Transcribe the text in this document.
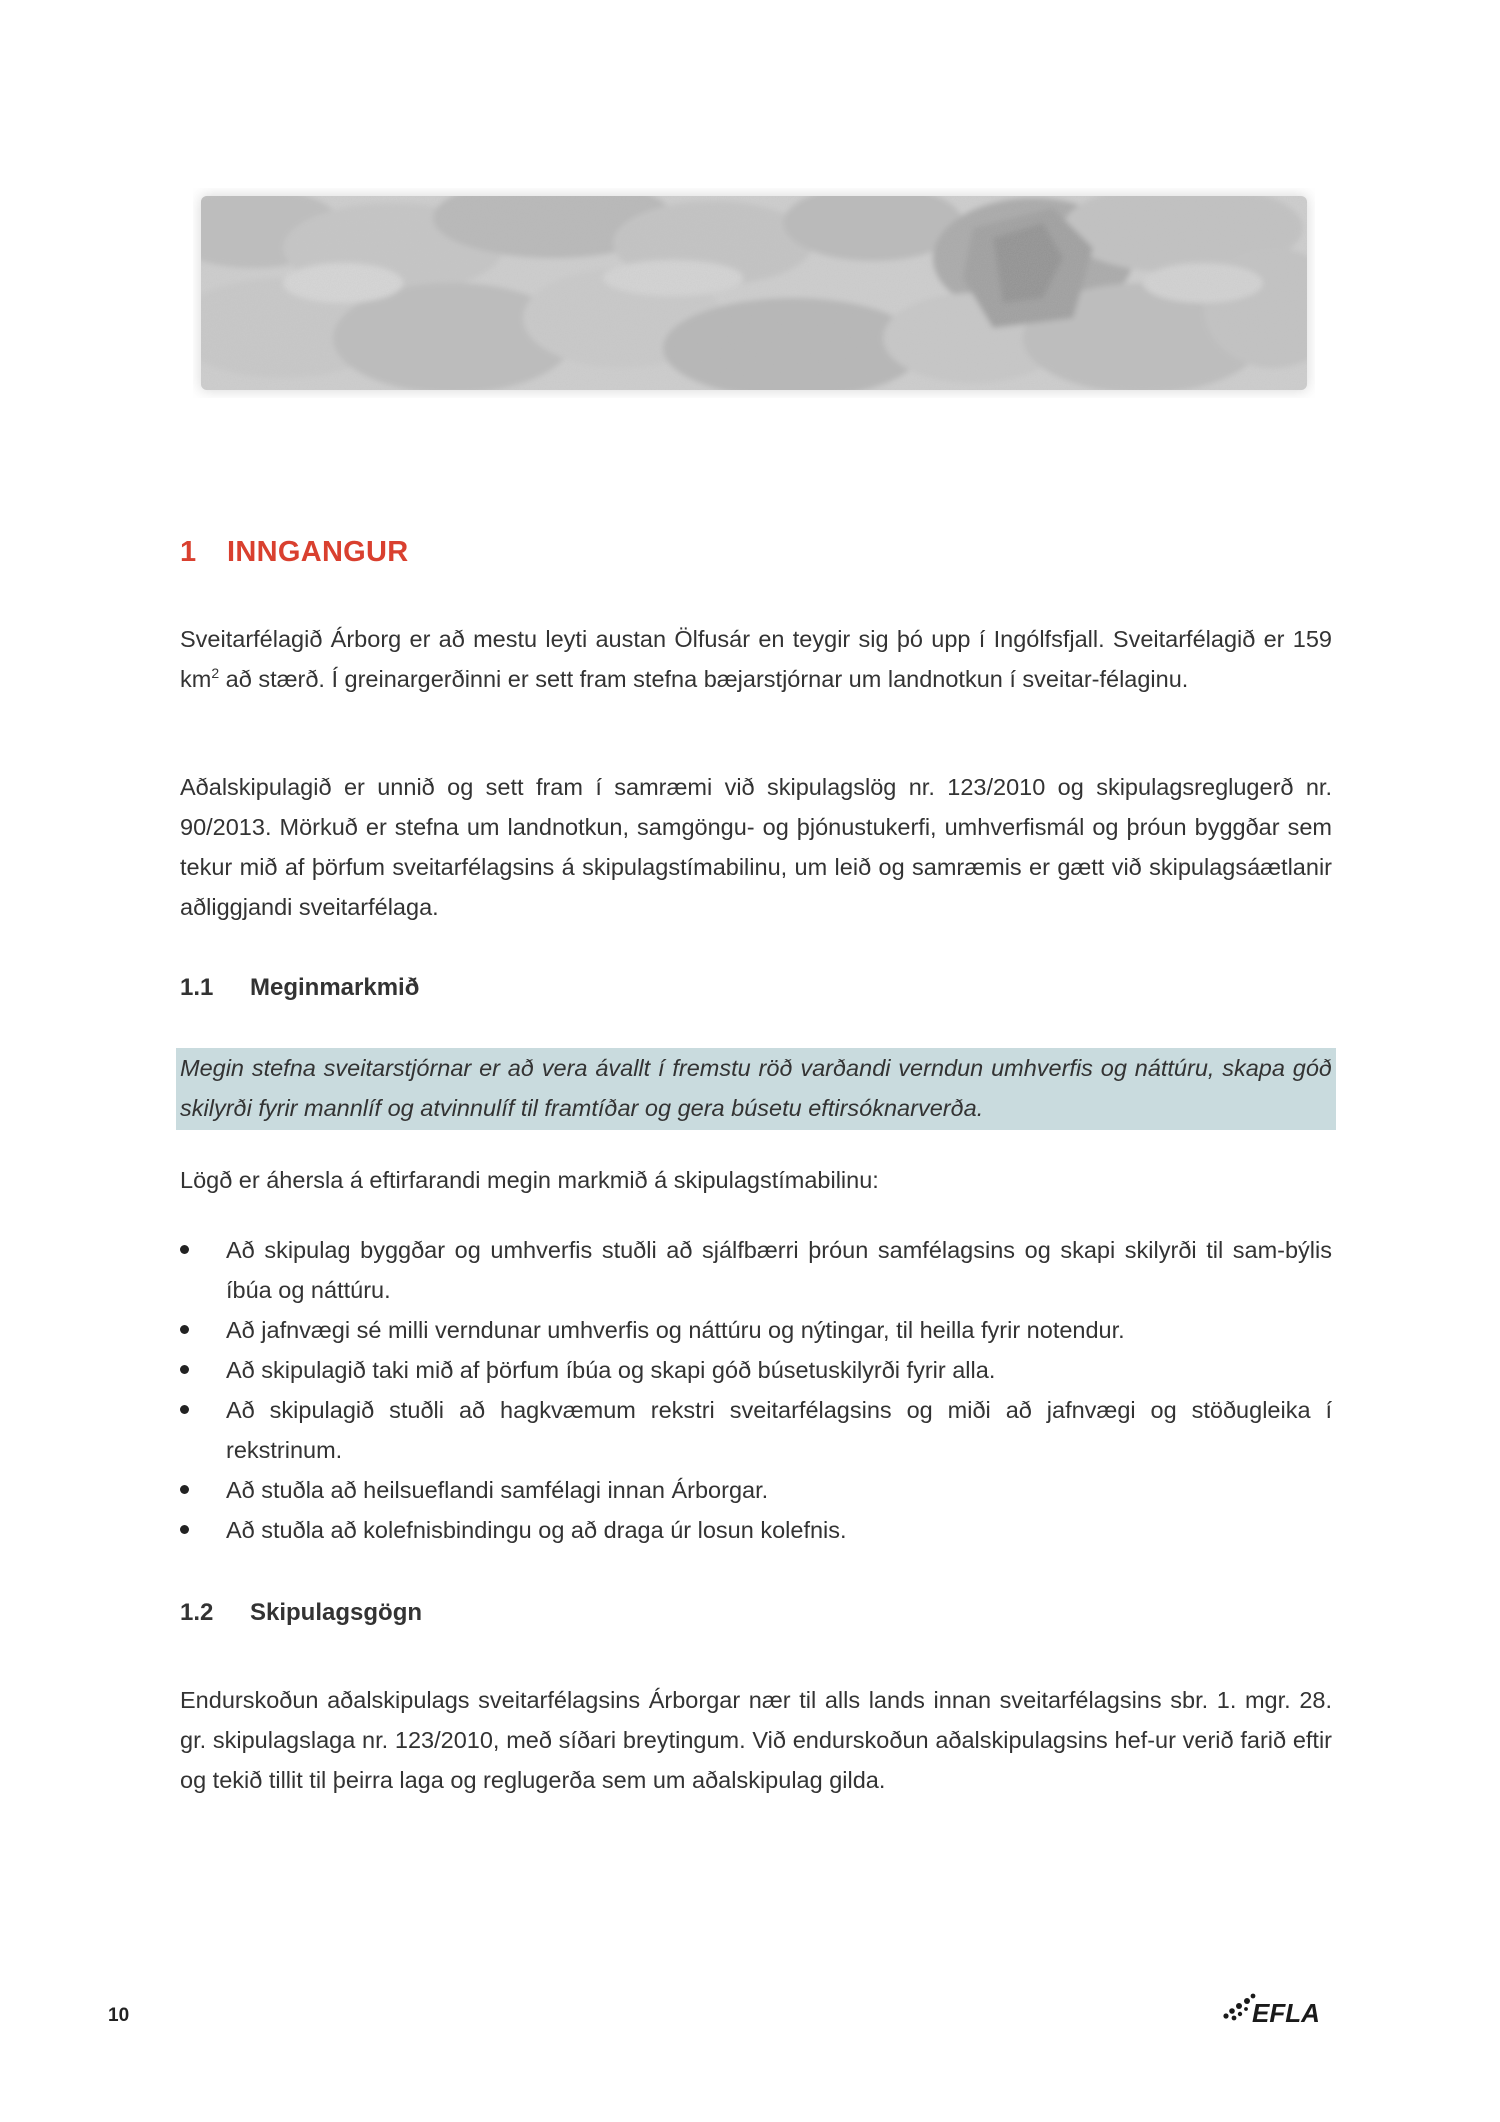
1 INNGANGUR
Sveitarfélagið Árborg er að mestu leyti austan Ölfusár en teygir sig þó upp í Ingólfsfjall. Sveitarfélagið er 159 $km^2$ að stærð. Í greinargerðinni er sett fram stefna bæjarstjórnar um landnotkun í sveitar-félaginu.
Aðalskipulagið er unnið og sett fram í samræmi við skipulagslög nr. 123/2010 og skipulagsreglugerð nr. 90/2013. Mörkuð er stefna um landnotkun, samgöngu- og þjónustukerfi, umhverfismál og þróun byggðar sem tekur mið af þörfum sveitarfélagsins á skipulagstímabilinu, um leið og samræmis er gætt við skipulagsáætlanir aðliggjandi sveitarfélaga.
1.1 Meginmarkmið
Megin stefna sveitarstjórnar er að vera ávallt í fremstu röð varðandi verndun umhverfis og náttúru, skapa góð skilyrði fyrir mannlíf og atvinnulíf til framtíðar og gera búsetu eftirsóknarverða.
Lögð er áhersla á eftirfarandi megin markmið á skipulagstímabilinu:
Að skipulag byggðar og umhverfis stuðli að sjálfbærri þróun samfélagsins og skapi skilyrði til sam-býlis íbúa og náttúru.
Að jafnvægi sé milli verndunar umhverfis og náttúru og nýtingar, til heilla fyrir notendur.
Að skipulagið taki mið af þörfum íbúa og skapi góð búsetuskilyrði fyrir alla.
Að skipulagið stuðli að hagkvæmum rekstri sveitarfélagsins og miði að jafnvægi og stöðugleika í rekstrinum.
Að stuðla að heilsueflandi samfélagi innan Árborgar.
Að stuðla að kolefnisbindingu og að draga úr losun kolefnis.
1.2 Skipulagsgögn
Endurskoðun aðalskipulags sveitarfélagsins Árborgar nær til alls lands innan sveitarfélagsins sbr. 1. mgr. 28. gr. skipulagslaga nr. 123/2010, með síðari breytingum. Við endurskoðun aðalskipulagsins hef-ur verið farið eftir og tekið tillit til þeirra laga og reglugerða sem um aðalskipulag gilda.
10	EFLA
